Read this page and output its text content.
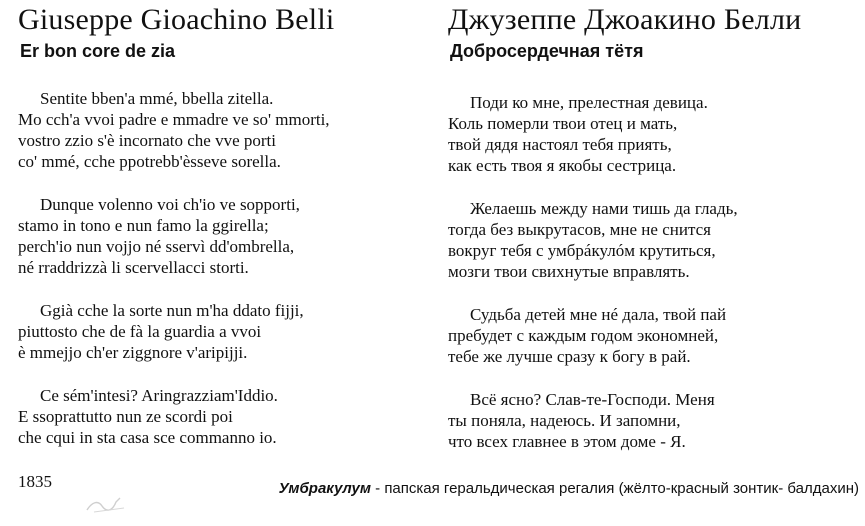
Giuseppe Gioachino Belli
Er bon core de zia
Sentite bben'a mmé, bbella zitella.
Mo cch'a vvoi padre e mmadre ve so' mmorti,
vostro zzio s'è incornato che vve porti
co' mmé, cche ppotrebb'èsseve sorella.
Dunque volenno voi ch'io ve sopporti,
stamo in tono e nun famo la ggirella;
perch'io nun vojjo né sservì dd'ombrella,
né rraddrizzà li scervellacci storti.
Ggià cche la sorte nun m'ha ddato fijji,
piuttosto che de fà la guardia a vvoi
è mmejjo ch'er ziggnore v'aripijji.
Ce sém'intesi? Aringrazziam'Iddio.
E ssoprattutto nun ze scordi poi
che cqui in sta casa sce commanno io.
Джузеппе Джоакино Белли
Добросердечная тётя
Поди ко мне, прелестная девица.
Коль померли твои отец и мать,
твой дядя настоял тебя приять,
как есть твоя я якобы сестрица.
Желаешь между нами тишь да гладь,
тогда без выкрутасов, мне не снится
вокруг тебя с умбрáкулóм крутиться,
мозги твои свихнутые вправлять.
Судьба детей мне нé дала, твой пай
пребудет с каждым годом экономней,
тебе же лучше сразу к богу в рай.
Всё ясно? Слав-те-Господи. Меня
ты поняла, надеюсь. И запомни,
что всех главнее в этом доме - Я.
1835	Умбракулум - папская геральдическая регалия (жёлто-красный зонтик- балдахин)
